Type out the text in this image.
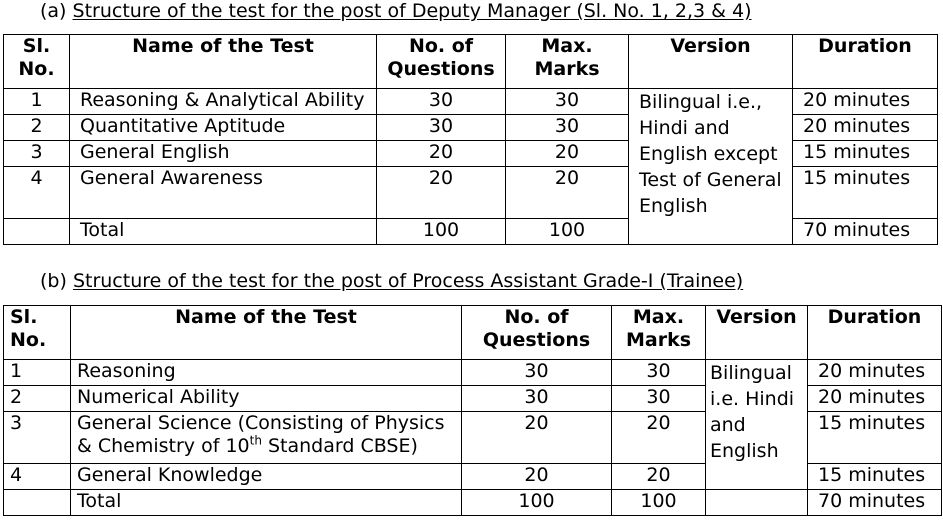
(a) Structure of the test for the post of Deputy Manager (Sl. No. 1, 2,3 & 4)
Sl. No.	Name of the Test	No. of Questions	Max. Marks	Version	Duration
1	Reasoning & Analytical Ability	30	30	Bilingual i.e., Hindi and English except Test of General English	20 minutes
2	Quantitative Aptitude	30	30		20 minutes
3	General English	20	20		15 minutes
4	General Awareness	20	20		15 minutes
	Total	100	100		70 minutes
(b) Structure of the test for the post of Process Assistant Grade-I (Trainee)
Sl. No.	Name of the Test	No. of Questions	Max. Marks	Version	Duration
1	Reasoning	30	30	Bilingual i.e. Hindi and English	20 minutes
2	Numerical Ability	30	30		20 minutes
3	General Science (Consisting of Physics
& Chemistry of 10th Standard CBSE)	20	20		15 minutes
4	General Knowledge	20	20		15 minutes
	Total	100	100		70 minutes
